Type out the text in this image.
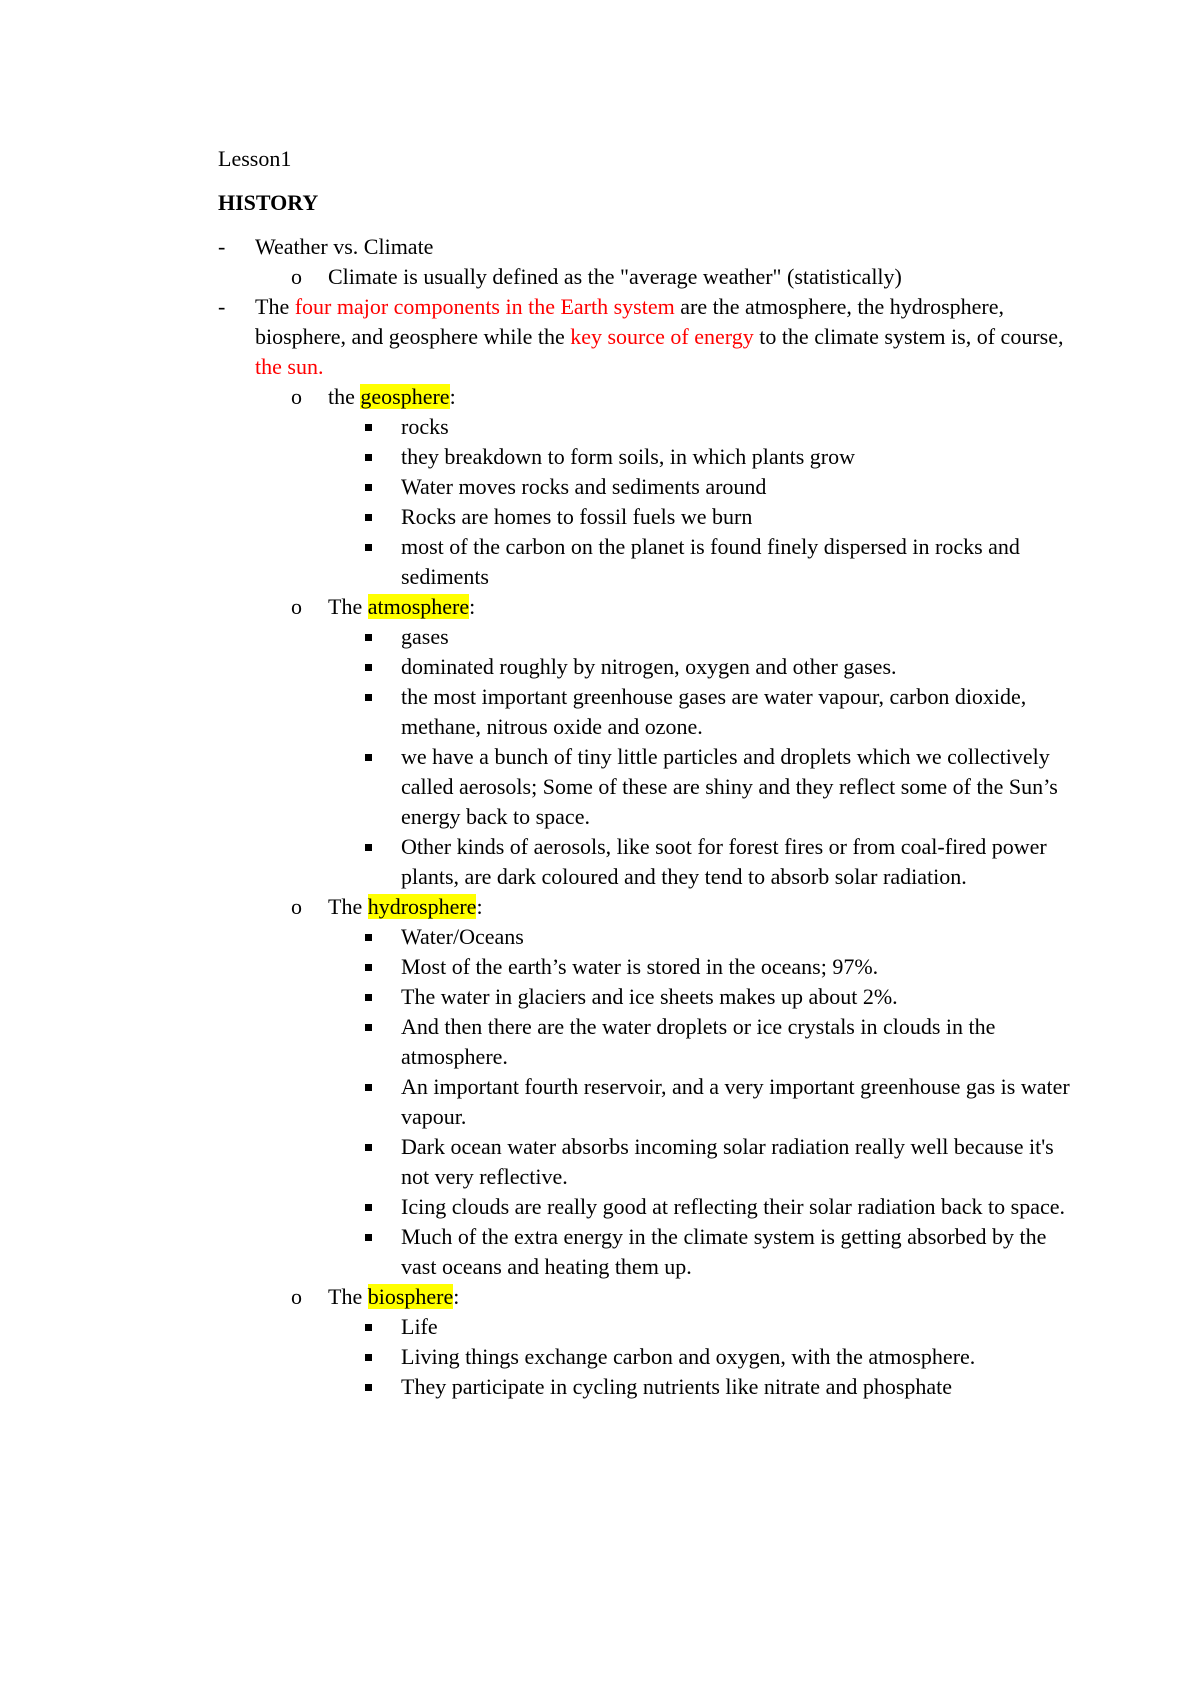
Lesson1
HISTORY
-	Weather vs. Climate
o Climate is usually defined as the "average weather" (statistically)
-	The four major components in the Earth system are the atmosphere, the hydrosphere, biosphere, and geosphere while the key source of energy to the climate system is, of course, the sun.
o the geosphere:
rocks
they breakdown to form soils, in which plants grow
Water moves rocks and sediments around
Rocks are homes to fossil fuels we burn
most of the carbon on the planet is found finely dispersed in rocks and sediments
o The atmosphere:
gases
dominated roughly by nitrogen, oxygen and other gases.
the most important greenhouse gases are water vapour, carbon dioxide, methane, nitrous oxide and ozone.
we have a bunch of tiny little particles and droplets which we collectively called aerosols; Some of these are shiny and they reflect some of the Sun’s energy back to space.
Other kinds of aerosols, like soot for forest fires or from coal-fired power plants, are dark coloured and they tend to absorb solar radiation.
o The hydrosphere:
Water/Oceans
Most of the earth’s water is stored in the oceans; 97%.
The water in glaciers and ice sheets makes up about 2%.
And then there are the water droplets or ice crystals in clouds in the atmosphere.
An important fourth reservoir, and a very important greenhouse gas is water vapour.
Dark ocean water absorbs incoming solar radiation really well because it's not very reflective.
Icing clouds are really good at reflecting their solar radiation back to space.
Much of the extra energy in the climate system is getting absorbed by the vast oceans and heating them up.
o The biosphere:
Life
Living things exchange carbon and oxygen, with the atmosphere.
They participate in cycling nutrients like nitrate and phosphate
